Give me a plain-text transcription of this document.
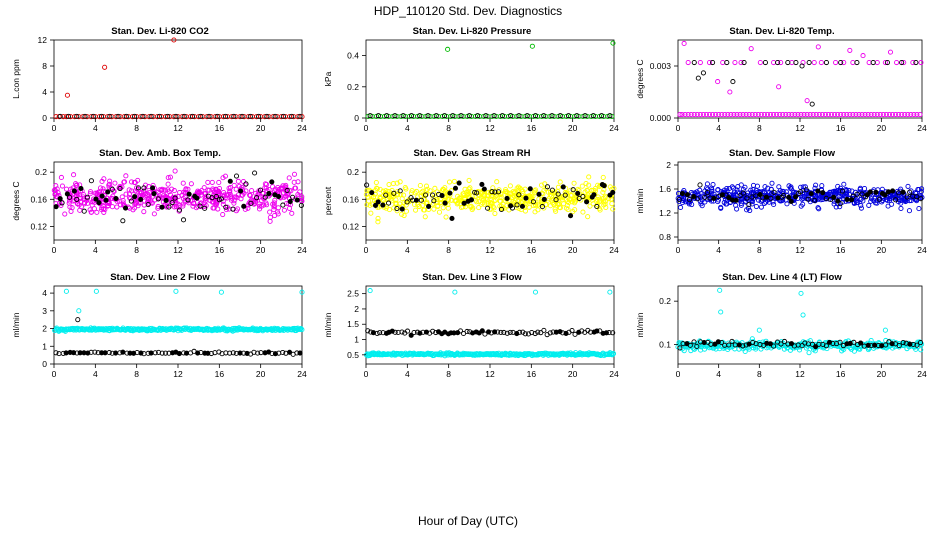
HDP_110120 Std. Dev. Diagnostics
Stan. Dev. Li-820 CO2
0	4	8	12	16	20	24
0
4
8
12
L.con ppm
Stan. Dev. Li-820 Pressure
0	4	8	12	16	20	24
0
0.2
0.4
kPa
Stan. Dev. Li-820 Temp.
0	4	8	12	16	20	24
0.000
0.003
degrees C
Stan. Dev. Amb. Box Temp.
0	4	8	12	16	20	24
0.12
0.16
0.2
degrees C
Stan. Dev. Gas Stream RH
0	4	8	12	16	20	24
0.12
0.16
0.2
percent
Stan. Dev. Sample Flow
0	4	8	12	16	20	24
0.8
1.2
1.6
2
ml/min
Stan. Dev. Line 2 Flow
0	4	8	12	16	20	24
0
1
2
3
4
ml/min
Stan. Dev. Line 3 Flow
0	4	8	12	16	20	24
0.5
1
1.5
2
2.5
ml/min
Stan. Dev. Line 4 (LT) Flow
0	4	8	12	16	20	24
0.1
0.2
ml/min
Hour of Day (UTC)
